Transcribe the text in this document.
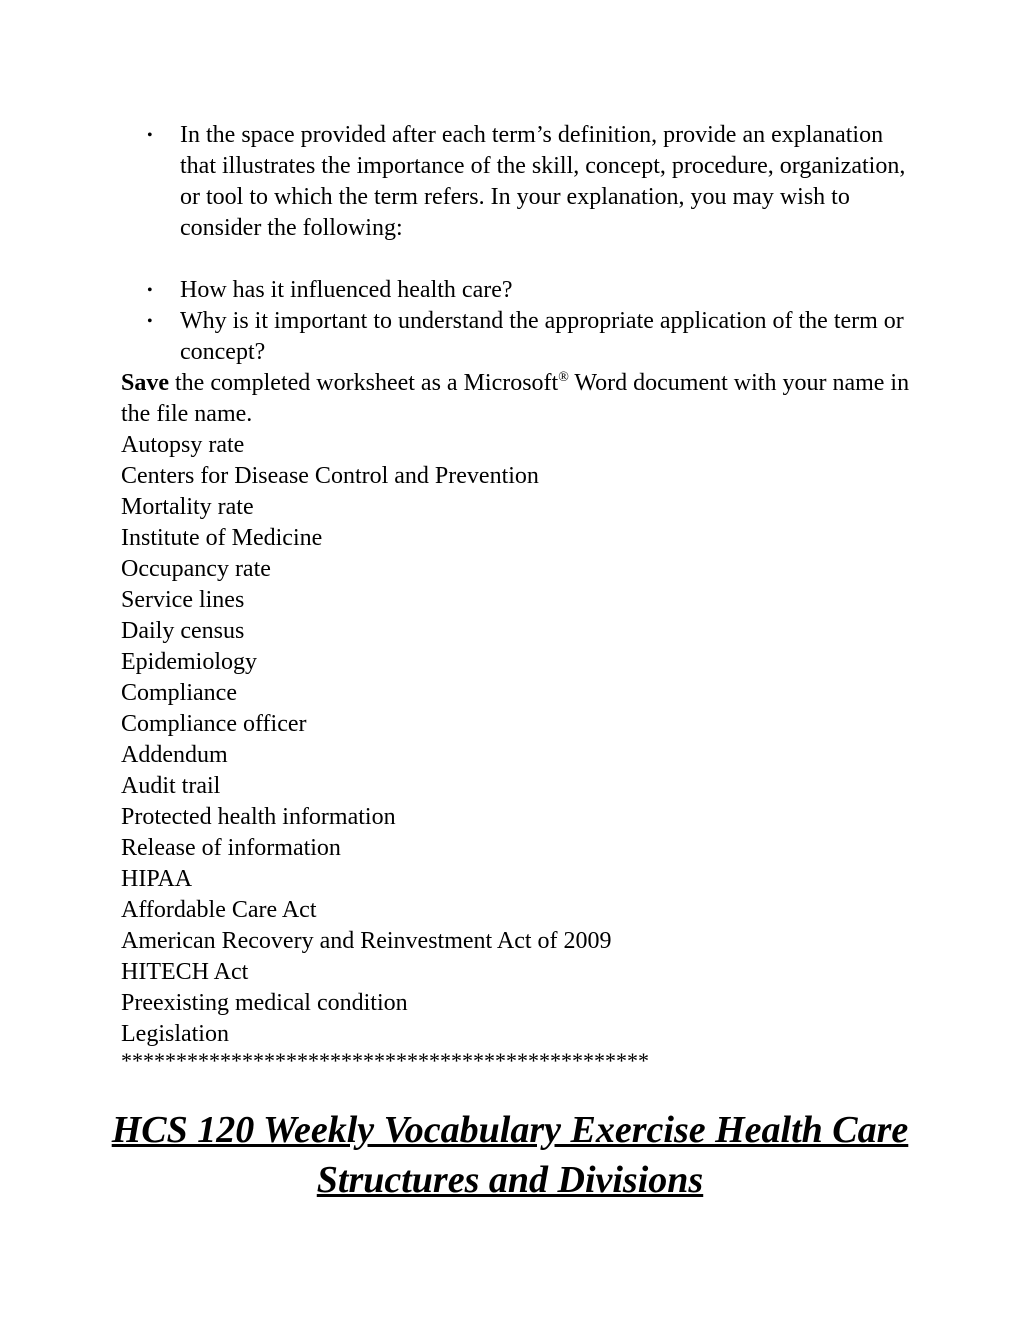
• In the space provided after each term’s definition, provide an explanation that illustrates the importance of the skill, concept, procedure, organization, or tool to which the term refers. In your explanation, you may wish to consider the following:
• How has it influenced health care?
• Why is it important to understand the appropriate application of the term or concept?
Save the completed worksheet as a Microsoft® Word document with your name in the file name.
Autopsy rate
Centers for Disease Control and Prevention
Mortality rate
Institute of Medicine
Occupancy rate
Service lines
Daily census
Epidemiology
Compliance
Compliance officer
Addendum
Audit trail
Protected health information
Release of information
HIPAA
Affordable Care Act
American Recovery and Reinvestment Act of 2009
HITECH Act
Preexisting medical condition
Legislation
************************************************
HCS 120 Weekly Vocabulary Exercise Health Care Structures and Divisions
